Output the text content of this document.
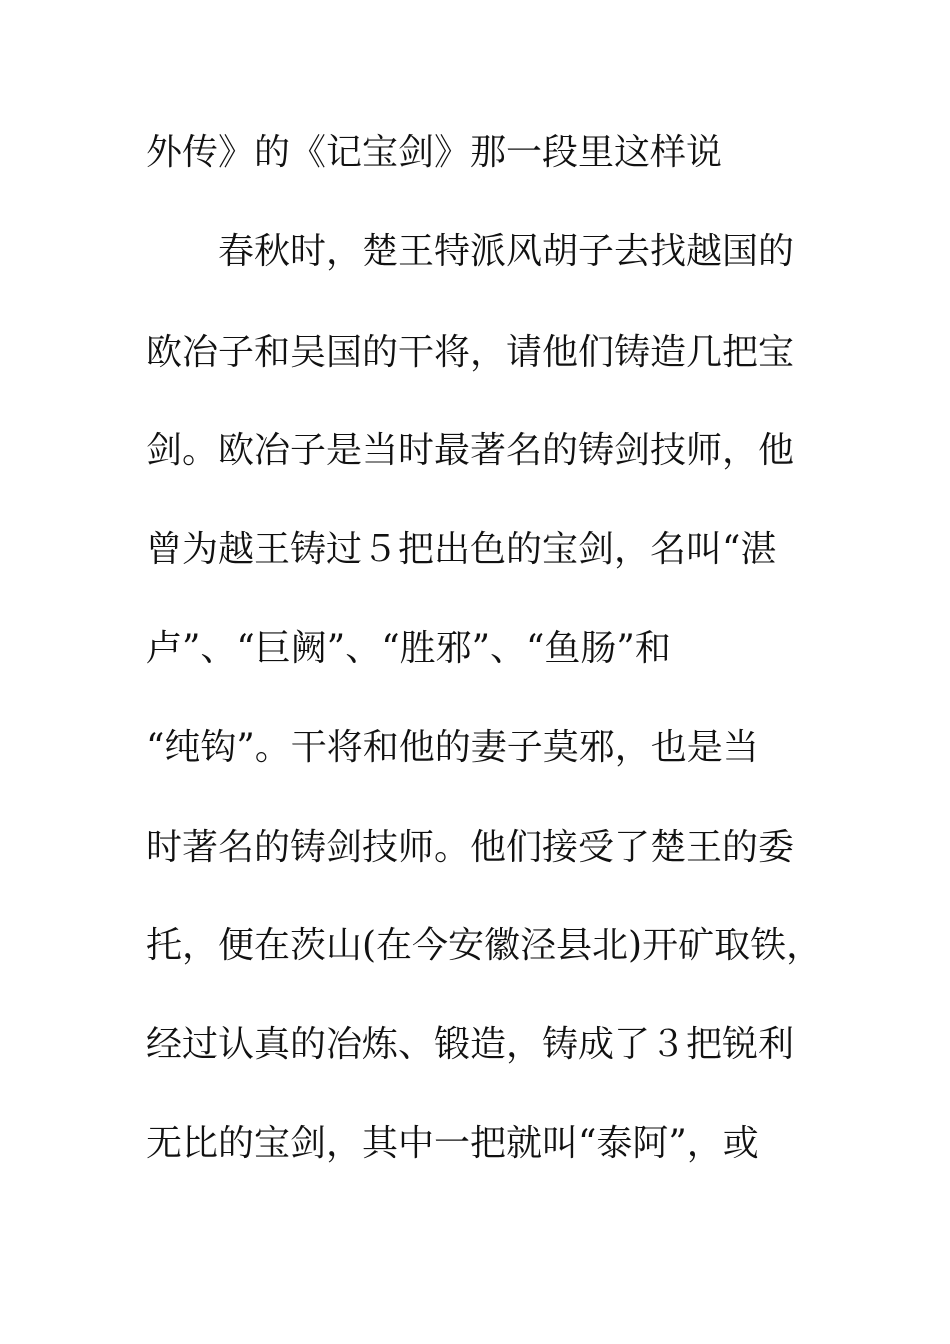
外传》的《记宝剑》那一段里这样说
春秋时，楚王特派风胡子去找越国的
欧冶子和吴国的干将，请他们铸造几把宝
剑。欧冶子是当时最著名的铸剑技师，他
曾为越王铸过５把出色的宝剑，名叫“湛
卢”、“巨阙”、“胜邪”、“鱼肠”和
“纯钩”。干将和他的妻子莫邪，也是当
时著名的铸剑技师。他们接受了楚王的委
托，便在茨山(在今安徽泾县北)开矿取铁，
经过认真的冶炼、锻造，铸成了３把锐利
无比的宝剑，其中一把就叫“泰阿”，或
